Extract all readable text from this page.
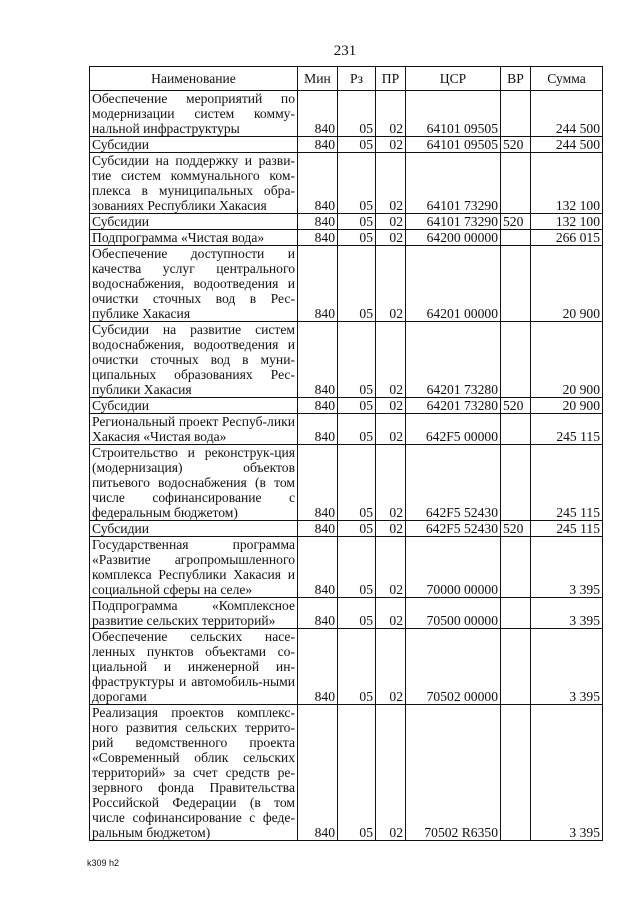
231
Наименование	Мин	Рз	ПР	ЦСР	ВР	Сумма
Обеспечение мероприятий по модернизации систем комму-нальной инфраструктуры	840	05	02	64101 09505		244 500
Субсидии	840	05	02	64101 09505	520	244 500
Субсидии на поддержку и разви-тие систем коммунального ком-плекса в муниципальных обра-зованиях Республики Хакасия	840	05	02	64101 73290		132 100
Субсидии	840	05	02	64101 73290	520	132 100
Подпрограмма «Чистая вода»	840	05	02	64200 00000		266 015
Обеспечение доступности и качества услуг центрального водоснабжения, водоотведения и очистки сточных вод в Рес-публике Хакасия	840	05	02	64201 00000		20 900
Субсидии на развитие систем водоснабжения, водоотведения и очистки сточных вод в муни-ципальных образованиях Рес-публики Хакасия	840	05	02	64201 73280		20 900
Субсидии	840	05	02	64201 73280	520	20 900
Региональный проект Респуб-лики Хакасия «Чистая вода»	840	05	02	642F5 00000		245 115
Строительство и реконструк-ция (модернизация) объектов питьевого водоснабжения (в том числе софинансирование с федеральным бюджетом)	840	05	02	642F5 52430		245 115
Субсидии	840	05	02	642F5 52430	520	245 115
Государственная программа «Развитие агропромышленного комплекса Республики Хакасия и социальной сферы на селе»	840	05	02	70000 00000		3 395
Подпрограмма «Комплексное развитие сельских территорий»	840	05	02	70500 00000		3 395
Обеспечение сельских насе-ленных пунктов объектами со-циальной и инженерной ин-фраструктуры и автомобиль-ными дорогами	840	05	02	70502 00000		3 395
Реализация проектов комплекс-ного развития сельских террито-рий ведомственного проекта «Современный облик сельских территорий» за счет средств ре-зервного фонда Правительства Российской Федерации (в том числе софинансирование с феде-ральным бюджетом)	840	05	02	70502 R6350		3 395
k309 h2
